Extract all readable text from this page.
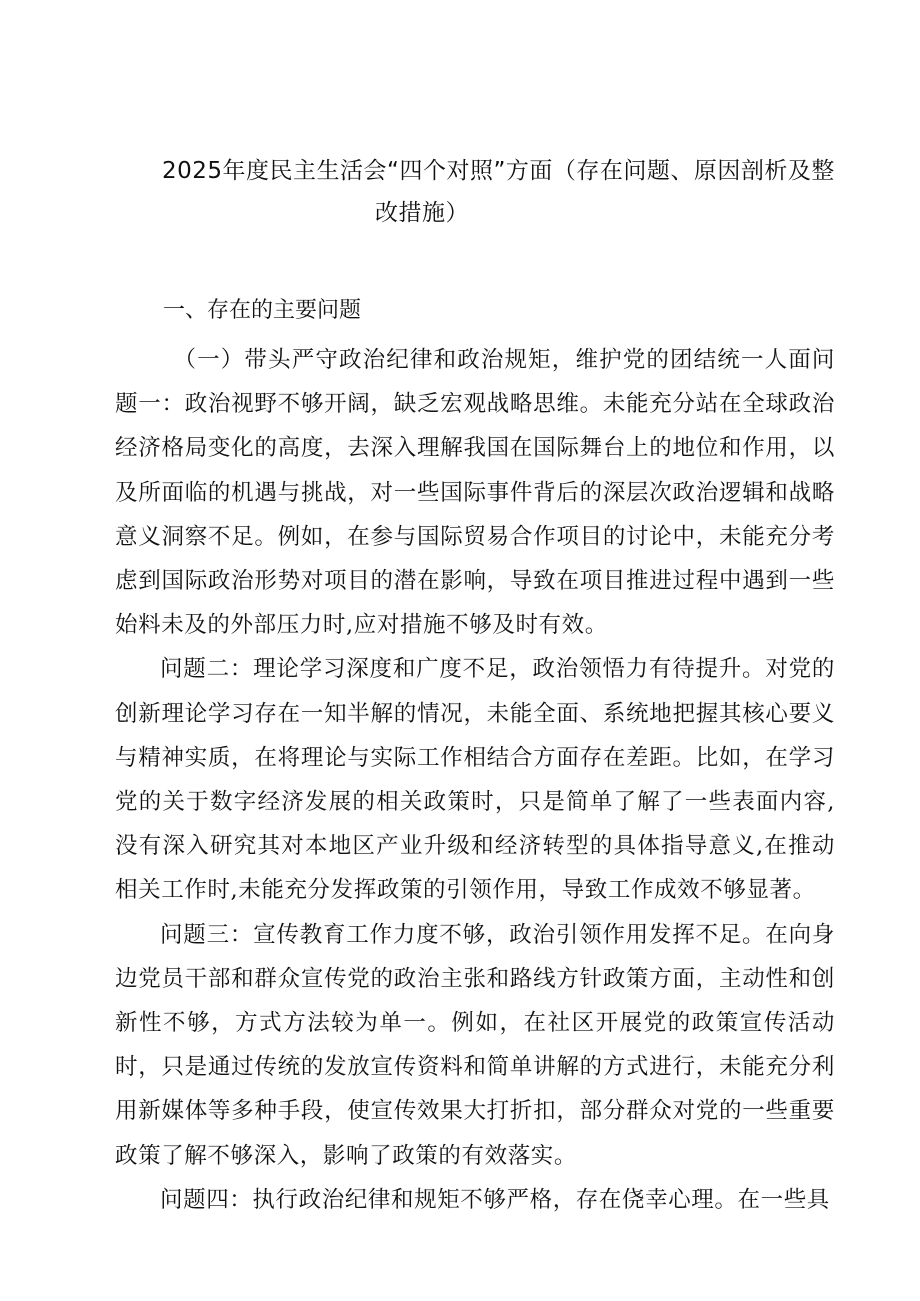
2025年度民主生活会“四个对照”方面（存在问题、原因剖析及整
改措施）
一、存在的主要问题

（一）带头严守政治纪律和政治规矩，维护党的团结统一人面问题一：政治视野不够开阔，缺乏宏观战略思维。未能充分站在全球政治经济格局变化的高度，去深入理解我国在国际舞台上的地位和作用，以及所面临的机遇与挑战，对一些国际事件背后的深层次政治逻辑和战略意义洞察不足。例如，在参与国际贸易合作项目的讨论中，未能充分考虑到国际政治形势对项目的潜在影响，导致在项目推进过程中遇到一些始料未及的外部压力时,应对措施不够及时有效。

问题二：理论学习深度和广度不足，政治领悟力有待提升。对党的创新理论学习存在一知半解的情况，未能全面、系统地把握其核心要义与精神实质，在将理论与实际工作相结合方面存在差距。比如，在学习党的关于数字经济发展的相关政策时，只是简单了解了一些表面内容,没有深入研究其对本地区产业升级和经济转型的具体指导意义,在推动相关工作时,未能充分发挥政策的引领作用，导致工作成效不够显著。

问题三：宣传教育工作力度不够，政治引领作用发挥不足。在向身边党员干部和群众宣传党的政治主张和路线方针政策方面，主动性和创新性不够，方式方法较为单一。例如，在社区开展党的政策宣传活动时，只是通过传统的发放宣传资料和简单讲解的方式进行，未能充分利用新媒体等多种手段，使宣传效果大打折扣，部分群众对党的一些重要政策了解不够深入，影响了政策的有效落实。

问题四：执行政治纪律和规矩不够严格，存在侥幸心理。在一些具
